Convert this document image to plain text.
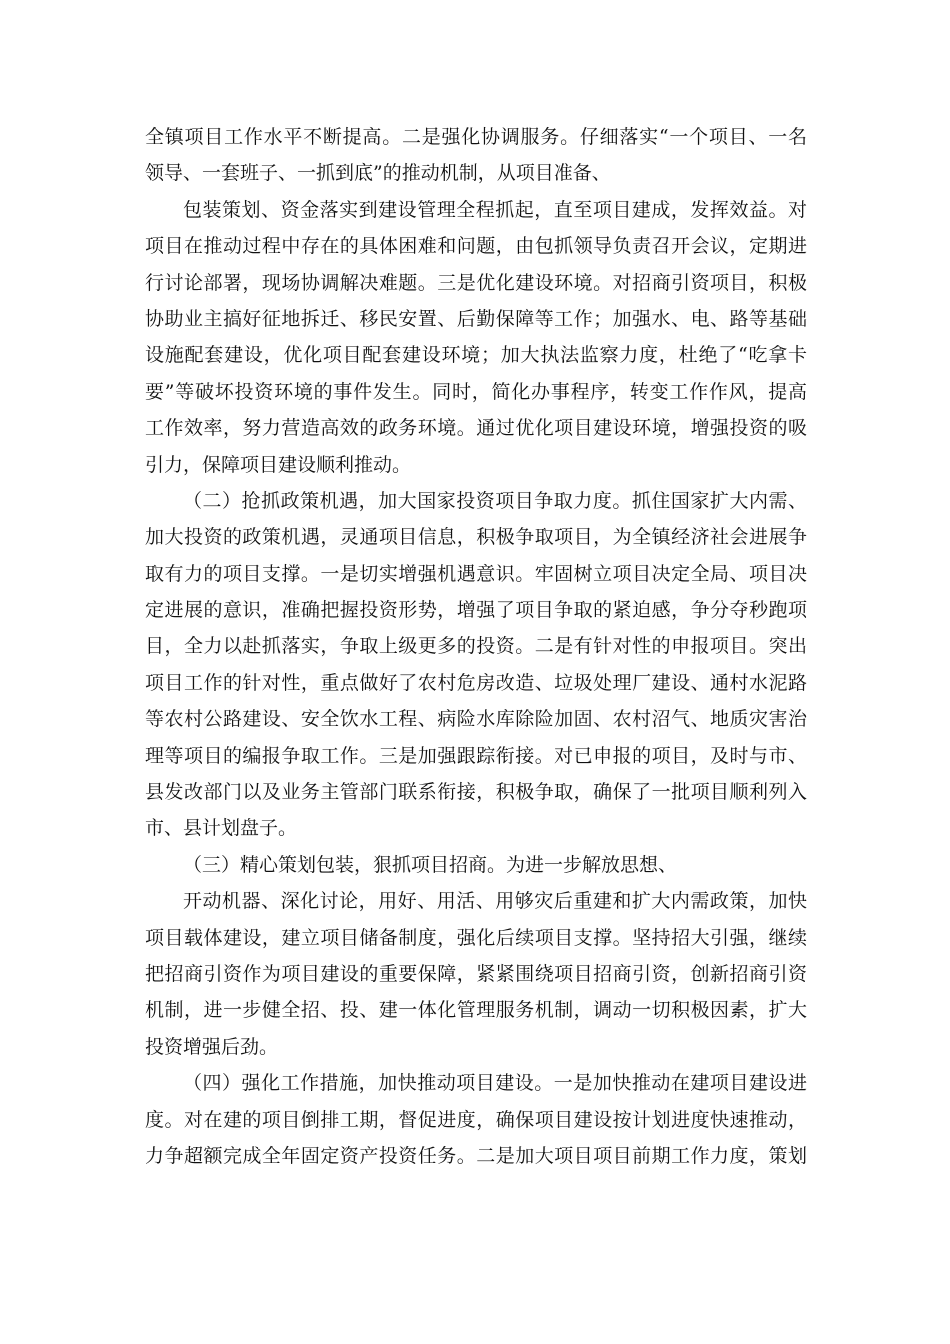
全镇项目工作水平不断提高。二是强化协调服务。仔细落实“一个项目、一名
领导、一套班子、一抓到底”的推动机制，从项目准备、
包装策划、资金落实到建设管理全程抓起，直至项目建成，发挥效益。对
项目在推动过程中存在的具体困难和问题，由包抓领导负责召开会议，定期进
行讨论部署，现场协调解决难题。三是优化建设环境。对招商引资项目，积极
协助业主搞好征地拆迁、移民安置、后勤保障等工作；加强水、电、路等基础
设施配套建设，优化项目配套建设环境；加大执法监察力度，杜绝了“吃拿卡
要”等破坏投资环境的事件发生。同时，简化办事程序，转变工作作风，提高
工作效率，努力营造高效的政务环境。通过优化项目建设环境，增强投资的吸
引力，保障项目建设顺利推动。
（二）抢抓政策机遇，加大国家投资项目争取力度。抓住国家扩大内需、
加大投资的政策机遇，灵通项目信息，积极争取项目，为全镇经济社会进展争
取有力的项目支撑。一是切实增强机遇意识。牢固树立项目决定全局、项目决
定进展的意识，准确把握投资形势，增强了项目争取的紧迫感，争分夺秒跑项
目，全力以赴抓落实，争取上级更多的投资。二是有针对性的申报项目。突出
项目工作的针对性，重点做好了农村危房改造、垃圾处理厂建设、通村水泥路
等农村公路建设、安全饮水工程、病险水库除险加固、农村沼气、地质灾害治
理等项目的编报争取工作。三是加强跟踪衔接。对已申报的项目，及时与市、
县发改部门以及业务主管部门联系衔接，积极争取，确保了一批项目顺利列入
市、县计划盘子。
（三）精心策划包装，狠抓项目招商。为进一步解放思想、
开动机器、深化讨论，用好、用活、用够灾后重建和扩大内需政策，加快
项目载体建设，建立项目储备制度，强化后续项目支撑。坚持招大引强，继续
把招商引资作为项目建设的重要保障，紧紧围绕项目招商引资，创新招商引资
机制，进一步健全招、投、建一体化管理服务机制，调动一切积极因素，扩大
投资增强后劲。
（四）强化工作措施，加快推动项目建设。一是加快推动在建项目建设进
度。对在建的项目倒排工期，督促进度，确保项目建设按计划进度快速推动，
力争超额完成全年固定资产投资任务。二是加大项目项目前期工作力度，策划
